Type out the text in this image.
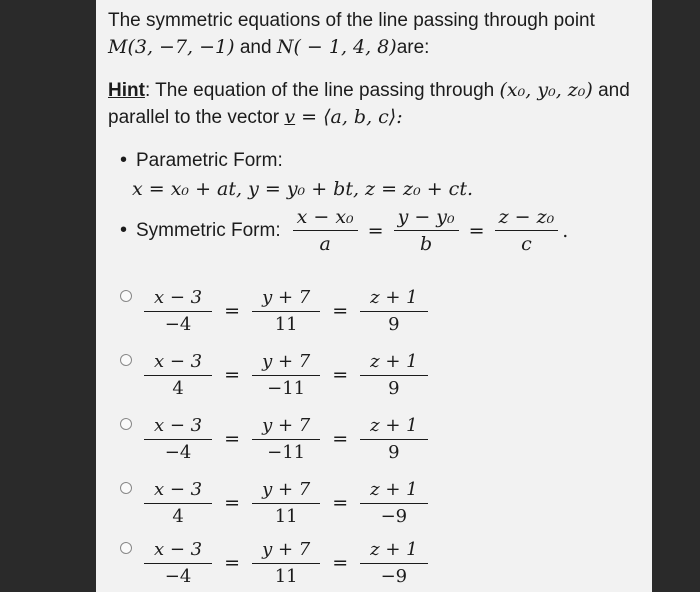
The symmetric equations of the line passing through point
M(3, −7, −1) and N( − 1, 4, 8)are:
Hint: The equation of the line passing through (x₀, y₀, z₀) and
parallel to the vector v = ⟨a, b, c⟩:
• Parametric Form:
x = x₀ + at, y = y₀ + bt, z = z₀ + ct.
• Symmetric Form: $\frac{\text{x − x₀}}{a} = \frac{\text{y − y₀}}{b} = \frac{\text{z − z₀}}{c}$ .
$\frac{x - 3}{-4} = \frac{y + 7}{11} = \frac{z + 1}{9}$
$\frac{x - 3}{4} = \frac{y + 7}{-11} = \frac{z + 1}{9}$
$\frac{x - 3}{-4} = \frac{y + 7}{-11} = \frac{z + 1}{9}$
$\frac{x - 3}{4} = \frac{y + 7}{11} = \frac{z + 1}{-9}$
$\frac{x - 3}{-4} = \frac{y + 7}{11} = \frac{z + 1}{-9}$
